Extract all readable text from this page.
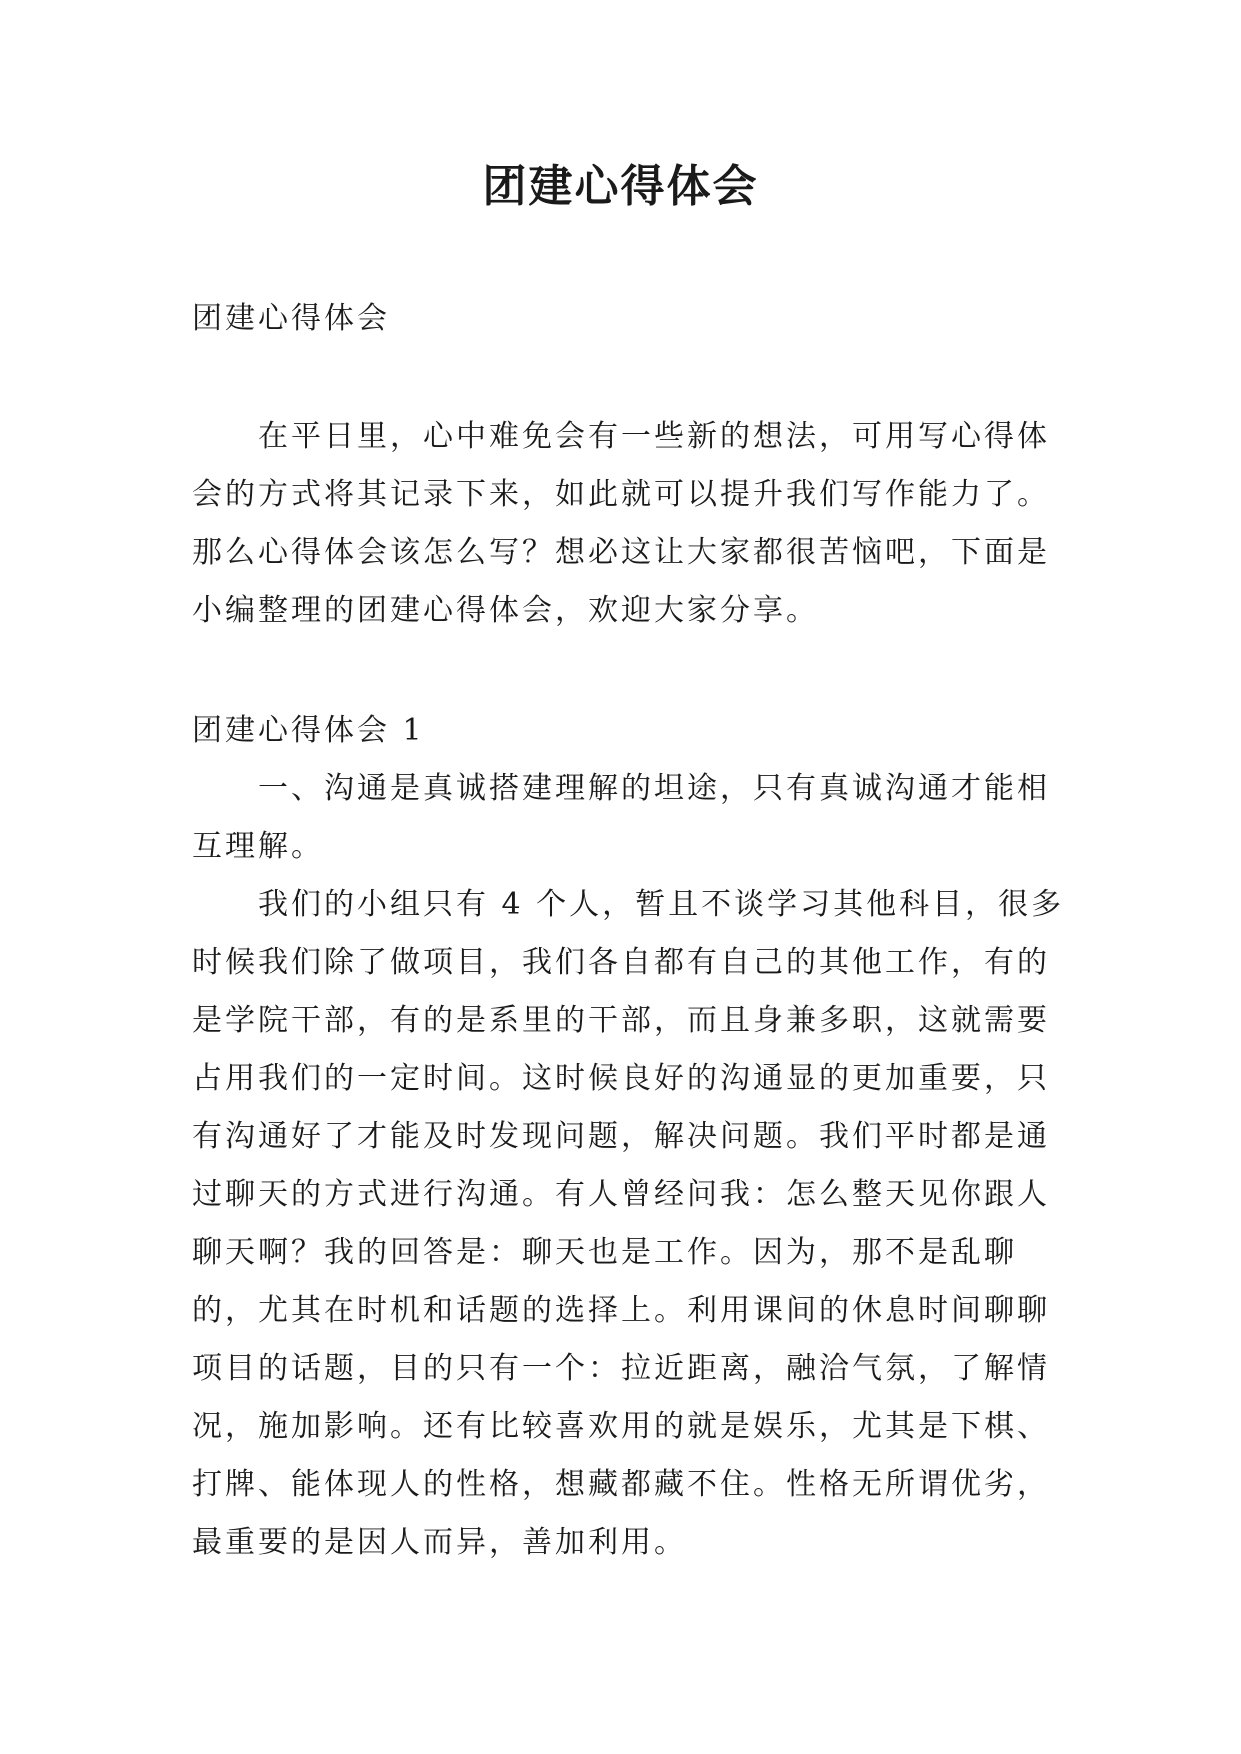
团建心得体会

团建心得体会

在平日里，心中难免会有一些新的想法，可用写心得体会的方式将其记录下来，如此就可以提升我们写作能力了。那么心得体会该怎么写？想必这让大家都很苦恼吧，下面是小编整理的团建心得体会，欢迎大家分享。

团建心得体会 1

一、沟通是真诚搭建理解的坦途，只有真诚沟通才能相互理解。

我们的小组只有 4 个人，暂且不谈学习其他科目，很多时候我们除了做项目，我们各自都有自己的其他工作，有的是学院干部，有的是系里的干部，而且身兼多职，这就需要占用我们的一定时间。这时候良好的沟通显的更加重要，只有沟通好了才能及时发现问题，解决问题。我们平时都是通过聊天的方式进行沟通。有人曾经问我：怎么整天见你跟人聊天啊？我的回答是：聊天也是工作。因为，那不是乱聊的，尤其在时机和话题的选择上。利用课间的休息时间聊聊项目的话题，目的只有一个：拉近距离，融洽气氛，了解情况，施加影响。还有比较喜欢用的就是娱乐，尤其是下棋、打牌、能体现人的性格，想藏都藏不住。性格无所谓优劣，最重要的是因人而异，善加利用。
